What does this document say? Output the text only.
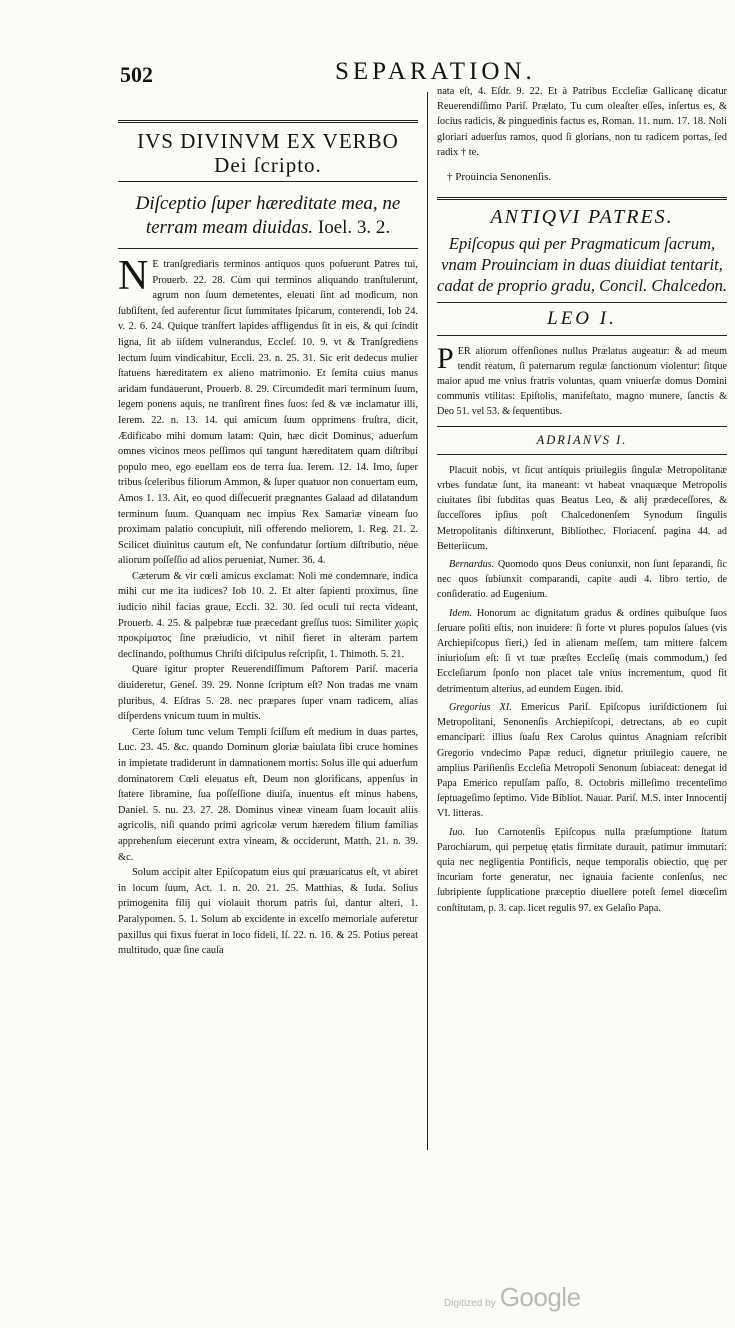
502	SEPARATION.
IVS DIVINVM EX VERBO
Dei ſcripto.
Diſceptio ſuper hæreditate mea, ne terram meam diuidas. Ioel. 3. 2.

N E tranſgrediaris terminos antiquos quos poſuerunt Patres tui, Prouerb. 22. 28. Cùm qui terminos aliquando tranſtulerunt, agrum non ſuum demetentes, eleuati ſint ad modicum, non ſubſiſtent, ſed auferentur ſicut ſummitates ſpicarum, conterendi, Iob 24. v. 2. 6. 24. Quique tranſfert lapides affligendus ſit in eis, & qui ſcindit ligna, ſit ab iiſdem vulnerandus, Eccleſ. 10. 9. vt & Tranſgrediens lectum ſuum vindicabitur, Eccli. 23. n. 25. 31. Sic erit dedecus mulier ſtatuens hæreditatem ex alieno matrimonio. Et ſemita cuius manus aridam fundauerunt, Prouerb. 8. 29. Circumdedit mari terminum ſuum, legem ponens aquis, ne tranſirent fines ſuos: ſed & væ inclamatur illi, Ierem. 22. n. 13. 14. qui amicum ſuum opprimens fruſtra, dicit, Ædificabo mihi domum latam: Quin, hæc dicit Dominus, aduerſum omnes vicinos meos peſſimos qui tangunt hæreditatem quam diſtribui populo meo, ego euellam eos de terra ſua. Ierem. 12. 14. Imo, ſuper tribus ſceleribus filiorum Ammon, & ſuper quatuor non conuertam eum, Amos 1. 13. Ait, eo quod diſſecuerit prægnantes Galaad ad dilatandum terminum ſuum. Quanquam nec impius Rex Samariæ vineam ſuo proximam palatio concupiuit, niſi offerendo meliorem, 1. Reg. 21. 2. Scilicet diuinitus cautum eſt, Ne confundatur ſortium diſtributio, néue aliorum poſſeſſio ad alios perueniat, Numer. 36. 4.

Cæterum & vir cœli amicus exclamat: Noli me condemnare, indica mihi cur me ita iudices? Iob 10. 2. Et alter ſapienti proximus, ſine iudicio nihil facias graue, Eccli. 32. 30. ſed oculi tui recta videant, Prouerb. 4. 25. & palpebræ tuæ præcedant greſſus tuos: Similiter χωρὶς προκρίματος ſine præiudicio, vt nihil fieret in alteram partem declinando, poſthumus Chriſti diſcipulus reſcripſit, 1. Thimoth. 5. 21.

Quare igitur propter Reuerendiſſimum Paſtorem Pariſ. maceria diuideretur, Geneſ. 39. 29. Nonne ſcriptum eſt? Non tradas me vnam pluribus, 4. Eſdras 5. 28. nec præpares ſuper vnam radicem, alias diſperdens vnicum tuum in multis.

Certe ſolum tunc velum Templi ſciſſum eſt medium in duas partes, Luc. 23. 45. &c. quando Dominum gloriæ baiulata ſibi cruce homines in impietate tradiderunt in damnationem mortis: Solus ille qui aduerſum dominatorem Cœli eleuatus eſt, Deum non glorificans, appenſus in ſtatere libramine, ſua poſſeſſione diuiſa, inuentus eſt minus habens, Daniel. 5. nu. 23. 27. 28. Dominus vineæ vineam ſuam locauit aliis agricolis, niſi quando primi agricolæ verum hæredem filium familias apprehenſum eiecerunt extra vineam, & occiderunt, Matth. 21. n. 39. &c.

Solum accipit alter Epiſcopatum eius qui præuaricatus eſt, vt abiret in locum ſuum, Act. 1. n. 20. 21. 25. Matthias, & Iuda. Solius primogenita filij qui violauit thorum patris ſui, dantur alteri, 1. Paralypomen. 5. 1. Solum ab excidente in excelſo memoriale auferetur paxillus qui fixus fuerat in loco fideli, Iſ. 22. n. 16. & 25. Potius pereat multitudo, quæ ſine cauſa

nata eſt, 4. Eſdr. 9. 22. Et à Patribus Eccleſiæ Gallicanę dicatur Reuerendiſſimo Pariſ. Prælato, Tu cum oleaſter eſſes, inſertus es, & ſocius radicis, & pinguedinis factus es, Roman. 11. num. 17. 18. Noli gloriari aduerſus ramos, quod ſi glorians, non tu radicem portas, ſed radix † te.

† Prouincia Senonenſis.
ANTIQVI PATRES.
Epiſcopus qui per Pragmaticum ſacrum, vnam Prouinciam in duas diuidiat tentarit, cadat de proprio gradu, Concil. Chalcedon.
LEO I.

PER aliorum offenſiones nullus Prælatus augeatur: & ad meum tendit reatum, ſi paternarum regulæ ſanctionum violentur: ſitque maior apud me vnius fratris voluntas, quam vniuerſæ domus Domini communis vtilitas: Epiſtolis, manifeſtato, magno munere, ſanctis & Deo 51. vel 53. & ſequentibus.

ADRIANVS I.

Placuit nobis, vt ſicut antiquis priuilegiis ſingulæ Metropolitanæ vrbes fundatæ ſunt, ita maneant: vt habeat vnaquæque Metropolis ciuitates ſibi ſubditas quas Beatus Leo, & alij prædeceſſores, & ſucceſſores ipſius poſt Chalcedonenſem Synodum ſingulis Metropolitanis diſtinxerunt, Bibliothec. Floriacenſ. pagina 44. ad Betteriicum.

Bernardus. Quomodo quos Deus coniunxit, non ſunt ſeparandi, ſic nec quos ſubiunxit comparandi, capite audi 4. libro tertio, de conſideratio. ad Eugenium.

Idem. Honorum ac dignitatum gradus & ordines quibuſque ſuos ſeruare poſiti eſtis, non inuidere: ſi forte vt plures populos ſalues (vis Archiepiſcopus fieri,) ſed in alienam meſſem, tam mittere falcem iniurioſum eſt: ſi vt tuæ præſtes Eccleſię (mais commodum,) ſed Eccleſiarum ſponſo non placet tale vnius incrementum, quod fit detrimentum alterius, ad eundem Eugen. ibid.

Gregorius XI. Emericus Pariſ. Epiſcopus iuriſdictionem ſui Metropolitani, Senonenſis Archiepiſcopi, detrectans, ab eo cupit emancipari: illius ſuaſu Rex Carolus quintus Anagniam reſcribit Gregorio vndecimo Papæ reduci, dignetur priuilegio cauere, ne amplius Pariſienſis Eccleſia Metropoli Senonum ſubiaceat: denegat id Papa Emerico repulſam paſſo, 8. Octobris milleſimo trecenteſimo ſeptuageſimo ſeptimo. Vide Bibliot. Nauar. Pariſ. M.S. inter Innocentij VI. litteras.

Iuo. Iuo Carnotenſis Epiſcopus nulla præſumptione ſtatum Parochiarum, qui perpetuę ętatis firmitate durauit, patimur immutari: quia nec negligentia Pontificis, neque temporalis obiectio, quę per incuriam forte generatur, nec ignauia faciente conſenſus, nec ſubripiente ſupplicatione præceptio diuellere poteſt ſemel diœceſim conſtitutam, p. 3. cap. licet regulis 97. ex Gelaſio Papa.

Digitized by Google
